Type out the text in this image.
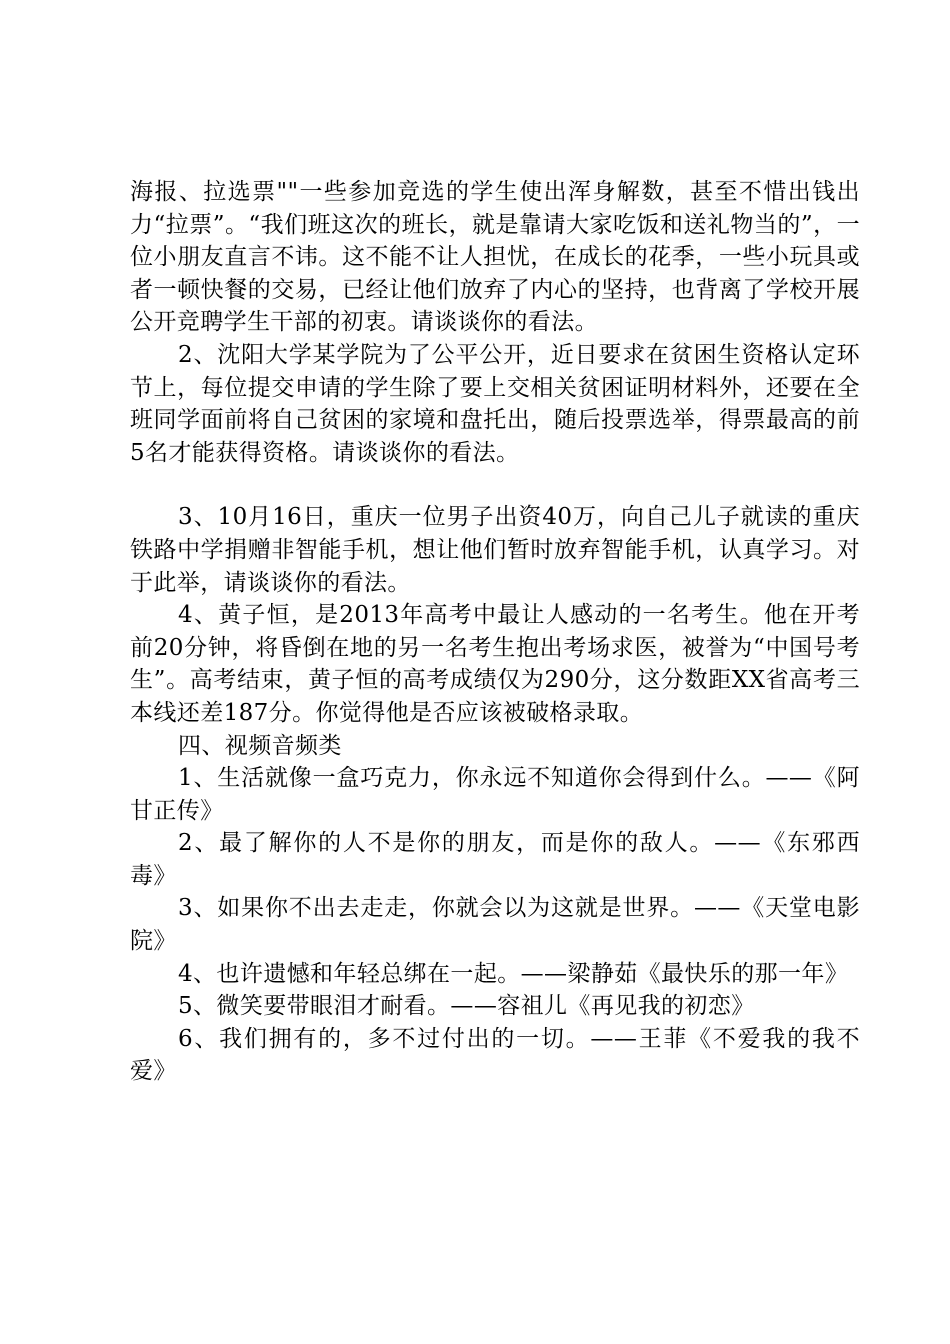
海报、拉选票""一些参加竞选的学生使出浑身解数，甚至不惜出钱出力“拉票”。“我们班这次的班长，就是靠请大家吃饭和送礼物当的”，一位小朋友直言不讳。这不能不让人担忧，在成长的花季，一些小玩具或者一顿快餐的交易，已经让他们放弃了内心的坚持，也背离了学校开展公开竞聘学生干部的初衷。请谈谈你的看法。

2、沈阳大学某学院为了公平公开，近日要求在贫困生资格认定环节上，每位提交申请的学生除了要上交相关贫困证明材料外，还要在全班同学面前将自己贫困的家境和盘托出，随后投票选举，得票最高的前5名才能获得资格。请谈谈你的看法。

3、10月16日，重庆一位男子出资40万，向自己儿子就读的重庆铁路中学捐赠非智能手机，想让他们暂时放弃智能手机，认真学习。对于此举，请谈谈你的看法。

4、黄子恒，是2013年高考中最让人感动的一名考生。他在开考前20分钟，将昏倒在地的另一名考生抱出考场求医，被誉为“中国号考生”。高考结束，黄子恒的高考成绩仅为290分，这分数距XX省高考三本线还差187分。你觉得他是否应该被破格录取。

四、视频音频类

1、生活就像一盒巧克力，你永远不知道你会得到什么。——《阿甘正传》

2、最了解你的人不是你的朋友，而是你的敌人。——《东邪西毒》

3、如果你不出去走走，你就会以为这就是世界。——《天堂电影院》

4、也许遗憾和年轻总绑在一起。——梁静茹《最快乐的那一年》

5、微笑要带眼泪才耐看。——容祖儿《再见我的初恋》

6、我们拥有的，多不过付出的一切。——王菲《不爱我的我不爱》
